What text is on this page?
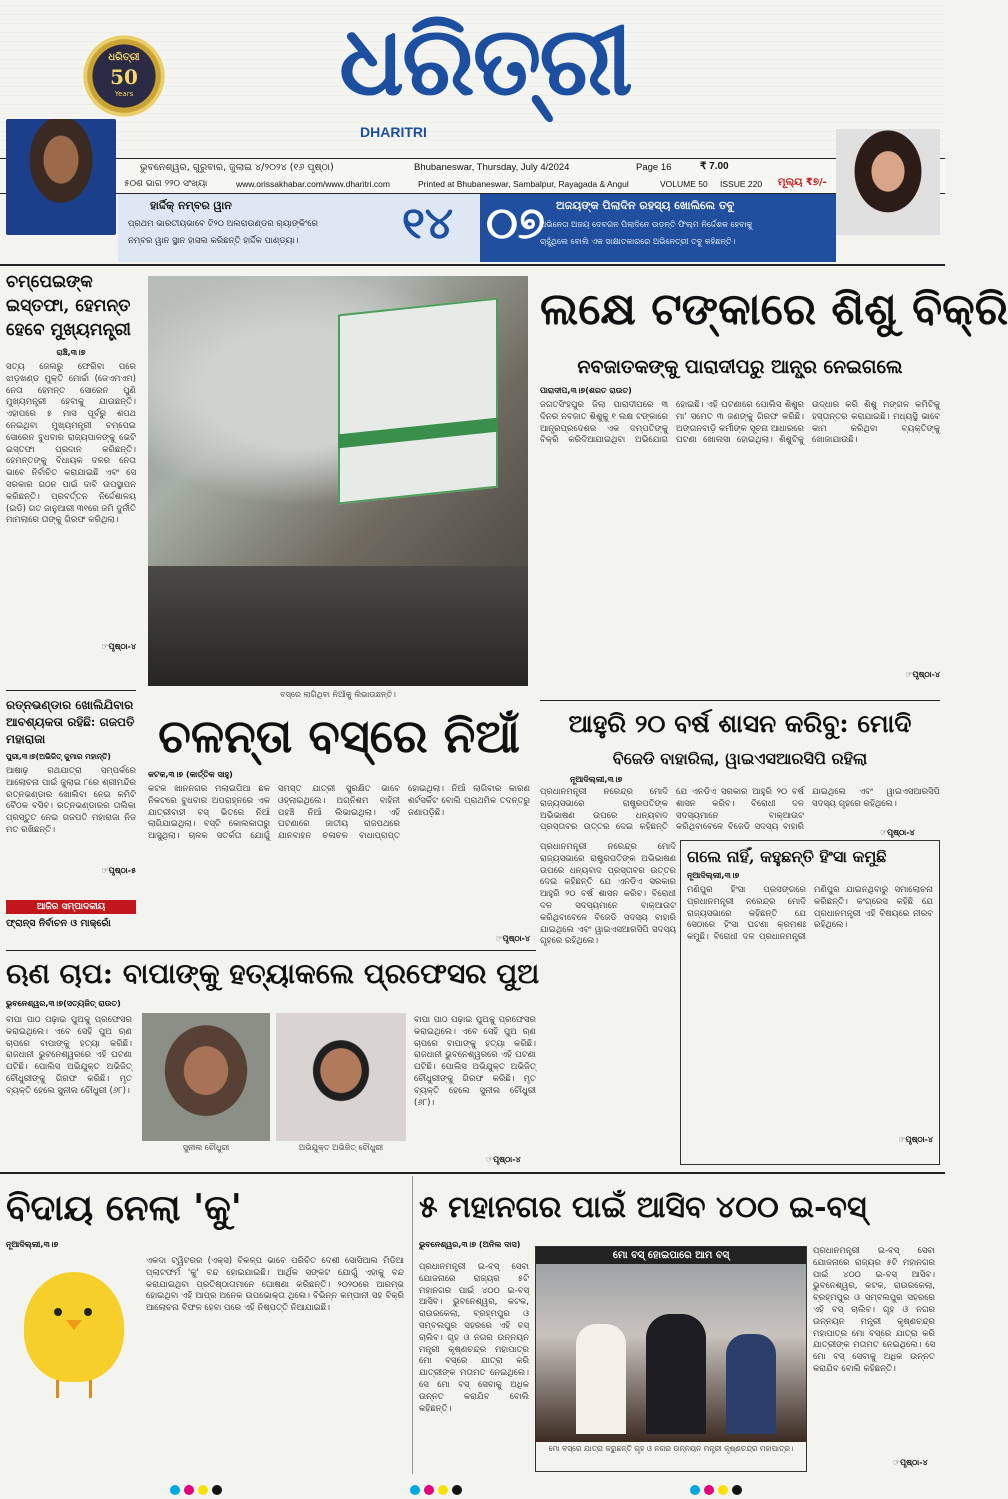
ଧରିତ୍ରୀ
50
Years	ଧରିତ୍ରୀ
DHARITRI
ଭୁବନେଶ୍ୱର, ଗୁରୁବାର, ଜୁଲାଇ ୪/୨୦୨୪ (୧୬ ପୃଷ୍ଠା)	Bhubaneswar, Thursday, July 4/2024	Page 16	₹ 7.00
୫୦ଶ ଭାଗ ୨୨୦ ସଂଖ୍ୟା	www.orissakhabar.com/www.dharitri.com	Printed at Bhubaneswar, Sambalpur, Rayagada & Angul	VOLUME 50 ISSUE 220 ମୂଲ୍ୟ ₹୭/-
ହାର୍ଦ୍ଦିକ୍ ନମ୍ବର ୱାନ
ପ୍ରଥମ ଭାରତୀୟଭାବେ ଟି୨୦ ଅଲରାଉଣ୍ଡର ର‌୍ୟାଙ୍କିଂରେ
ନମ୍ବର ୱାନ ସ୍ଥାନ ହାସଲ କରିଛନ୍ତି ହାର୍ଦ୍ଦିକ ପାଣ୍ଡ୍ୟା। ୧୪ ୦୭ ଅଜୟଙ୍କ ପିଲାଦିନ ରହସ୍ୟ ଖୋଲିଲେ ତବୁ
ଅଭିନେତା ଅଜୟ ଦେବଗନ ପିଲାଦିନେ ଉଡ଼ନ୍ତି ଫିଲ୍ମ ନିର୍ଦ୍ଦେଶକ ହେବାକୁ
ଚାହୁଁଥିଲେ ବୋଲି ଏକ ସାକ୍ଷାତକାରରେ ଅଭିନେତ୍ରୀ ତବୁ କହିଛନ୍ତି।
ଚମ୍ପେଇଙ୍କ ଇସ୍ତଫା, ହେମନ୍ତ ହେବେ ମୁଖ୍ୟମନ୍ତ୍ରୀ
ରାଞ୍ଚି,୩।୭
ସତ୍ୟ ଜେଲରୁ ଫେରିବା ପରେ ଝାଡ଼ଖଣ୍ଡ ମୁକ୍ତି ମୋର୍ଚ୍ଚା (ଜେଏମଏମ) ନେତା ହେମନ୍ତ ସୋରେନ ପୁଣି ମୁଖ୍ୟମନ୍ତ୍ରୀ ହେବାକୁ ଯାଉଛନ୍ତି। ଏହାପରେ ୫ ମାସ ପୂର୍ବରୁ ଶପଥ ନେଇଥିବା ମୁଖ୍ୟମନ୍ତ୍ରୀ ଚମ୍ପେଇ ସୋରେନ ବୁଧବାର ରାଜ୍ୟପାଳଙ୍କୁ ଭେଟି ଇସ୍ତଫା ପ୍ରଦାନ କରିଛନ୍ତି। ହେମନ୍ତଙ୍କୁ ବିଧାୟକ ଦଳର ନେତା ଭାବେ ନିର୍ବାଚିତ କରାଯାଇଛି ଏବଂ ସେ ସରକାର ଗଠନ ପାଇଁ ଦାବି ଉପସ୍ଥାପନ କରିଛନ୍ତି। ପ୍ରବର୍ତ୍ତନ ନିର୍ଦ୍ଦେଶାଳୟ (ଇଡି) ଗତ ଜାନୁଆରୀ ୩୧ରେ ଜମି ଦୁର୍ନୀତି ମାମଲାରେ ତାଙ୍କୁ ଗିରଫ କରିଥିଲା।
☞ପୃଷ୍ଠା-୪
ରତ୍ନଭଣ୍ଡାର ଖୋଲିଯିବାର ଆବଶ୍ୟକତା ରହିଛି: ଗଜପତି ମହାରାଜା
ପୁରୀ,୩।୭(ଅଭିଜିତ୍ କୁମାର ମହାନ୍ତି)
ଆଷାଢ଼ ରଥଯାତ୍ରା ସମ୍ପର୍କରେ ଆଲୋଚନା ପାଇଁ ଜୁଲାଇ ୮ରେ ଶ୍ରୀମନ୍ଦିର ରତ୍ନଭଣ୍ଡାର ଖୋଲିବା ନେଇ କମିଟି ବୈଠକ ବସିବ। ରତ୍ନଭଣ୍ଡାରର ତାଲିକା ପ୍ରସ୍ତୁତ ନେଇ ଗଜପତି ମହାରାଜା ନିଜ ମତ ରଖିଛନ୍ତି।
☞ପୃଷ୍ଠା-୫
ଆଜିର ସମ୍ପାଦକୀୟ
ଫ୍ରାନ୍ସ ନିର୍ବାଚନ ଓ ମାକ୍ରୋଁ
ବସ୍‌ରେ ଲାଗିଥିବା ନିଆଁକୁ ଲିଭାଉଛନ୍ତି।
ଚଳନ୍ତା ବସ୍‌ରେ ନିଆଁ
କଟକ,୩।୭ (କାର୍ତ୍ତିକ ସାହୁ)
କଟକ ଖାନନଗର ମଲାଇପିଆ ଛକ ନିକଟରେ ବୁଧବାର ଅପରାହ୍ନରେ ଏକ ଯାତ୍ରୀବାହୀ ବସ୍ ଭିତରେ ନିଆଁ ଲାଗିଯାଇଥିଲା। ବସ୍‌ଟି କୋଲକାତାରୁ ଆସୁଥିଲା। ଚାଳକ ସତର୍କତା ଯୋଗୁଁ ସମସ୍ତ ଯାତ୍ରୀ ସୁରକ୍ଷିତ ଭାବେ ଓହ୍ଲାଇଥିଲେ। ଅଗ୍ନିଶମ ବାହିନୀ ପହଞ୍ଚି ନିଆଁ ଲିଭାଇଥିଲା। ଏହି ଘଟଣାରେ ଜାତୀୟ ରାଜପଥରେ ଯାନବାହନ ଚଳାଚଳ ବାଧାପ୍ରାପ୍ତ ହୋଇଥିଲା। ନିଆଁ ଲାଗିବାର କାରଣ ଶର୍ଟସର୍କିଟ ବୋଲି ପ୍ରାଥମିକ ତଦନ୍ତରୁ ଜଣାପଡ଼ିଛି।
☞ପୃଷ୍ଠା-୪
ଲକ୍ଷେ ଟଙ୍କାରେ ଶିଶୁ ବିକ୍ରି
ନବଜାତକଙ୍କୁ ପାରାଦୀପରୁ ଆନ୍ଧ୍ର ନେଇଗଲେ
ପାରାଦୀପ,୩।୭(ଶରତ ରାଉତ)
ଜଗତସିଂହପୁର ଜିଲା ପାରାଦୀପରେ ୩ ଦିନର ନବଜାତ ଶିଶୁକୁ ୧ ଲକ୍ଷ ଟଙ୍କାରେ ଆନ୍ଧ୍ରପ୍ରଦେଶର ଏକ ଦମ୍ପତିଙ୍କୁ ବିକ୍ରି କରିଦିଆଯାଇଥିବା ଅଭିଯୋଗ ହୋଇଛି। ଏହି ଘଟଣାରେ ପୋଲିସ ଶିଶୁର ମା' ସମେତ ୩ ଜଣଙ୍କୁ ଗିରଫ କରିଛି। ଅଙ୍ଗନବାଡ଼ି କର୍ମୀଙ୍କ ସୂଚନା ଆଧାରରେ ଘଟଣା ଖୋଲସା ହୋଇଥିଲା। ଶିଶୁଟିକୁ ଉଦ୍ଧାର କରି ଶିଶୁ ମଙ୍ଗଳ କମିଟିକୁ ହସ୍ତାନ୍ତର କରାଯାଇଛି। ମଧ୍ୟସ୍ଥି ଭାବେ କାମ କରିଥିବା ବ୍ୟକ୍ତିଙ୍କୁ ଖୋଜାଯାଉଛି।
☞ପୃଷ୍ଠା-୪
ଆହୁରି ୨୦ ବର୍ଷ ଶାସନ କରିବୁ: ମୋଦି
ବିଜେଡି ବାହାରିଲା, ୱାଇଏସଆରସିପି ରହିଲା
ନୂଆଦିଲ୍ଲୀ,୩।୭
ପ୍ରଧାନମନ୍ତ୍ରୀ ନରେନ୍ଦ୍ର ମୋଦି ରାଜ୍ୟସଭାରେ ରାଷ୍ଟ୍ରପତିଙ୍କ ଅଭିଭାଷଣ ଉପରେ ଧନ୍ୟବାଦ ପ୍ରସ୍ତାବର ଉତ୍ତର ଦେଇ କହିଛନ୍ତି ଯେ ଏନଡିଏ ସରକାର ଆହୁରି ୨୦ ବର୍ଷ ଶାସନ କରିବ। ବିରୋଧୀ ଦଳ ସଦସ୍ୟମାନେ ବାକ୍‌ଆଉଟ କରିଥିବାବେଳେ ବିଜେଡି ସଦସ୍ୟ ବାହାରି ଯାଇଥିଲେ ଏବଂ ୱାଇଏସଆରସିପି ସଦସ୍ୟ ଗୃହରେ ରହିଥିଲେ।
ପ୍ରଧାନମନ୍ତ୍ରୀ ନରେନ୍ଦ୍ର ମୋଦି ରାଜ୍ୟସଭାରେ ରାଷ୍ଟ୍ରପତିଙ୍କ ଅଭିଭାଷଣ ଉପରେ ଧନ୍ୟବାଦ ପ୍ରସ୍ତାବର ଉତ୍ତର ଦେଇ କହିଛନ୍ତି ଯେ ଏନଡିଏ ସରକାର ଆହୁରି ୨୦ ବର୍ଷ ଶାସନ କରିବ। ବିରୋଧୀ ଦଳ ସଦସ୍ୟମାନେ ବାକ୍‌ଆଉଟ କରିଥିବାବେଳେ ବିଜେଡି ସଦସ୍ୟ ବାହାରି ଯାଇଥିଲେ ଏବଂ ୱାଇଏସଆରସିପି ସଦସ୍ୟ ଗୃହରେ ରହିଥିଲେ।
☞ପୃଷ୍ଠା-୪
ଗଲେ ନାହିଁ, କହୁଛନ୍ତି ହିଂସା କମୁଛି
ନୂଆଦିଲ୍ଲୀ,୩।୭
ମଣିପୁର ହିଂସା ପ୍ରସଙ୍ଗରେ ପ୍ରଧାନମନ୍ତ୍ରୀ ନରେନ୍ଦ୍ର ମୋଦି ରାଜ୍ୟସଭାରେ କହିଛନ୍ତି ଯେ ସେଠାରେ ହିଂସା ଘଟଣା କ୍ରମଶଃ କମୁଛି। ବିରୋଧୀ ଦଳ ପ୍ରଧାନମନ୍ତ୍ରୀ ମଣିପୁର ଯାଇନଥିବାରୁ ସମାଲୋଚନା କରିଛନ୍ତି। କଂଗ୍ରେସ କହିଛି ଯେ ପ୍ରଧାନମନ୍ତ୍ରୀ ଏହି ବିଷୟରେ ନୀରବ ରହିଥିଲେ।
☞ପୃଷ୍ଠା-୪
ଋଣ ଚାପ: ବାପାଙ୍କୁ ହତ୍ୟାକଲେ ପ୍ରଫେସର ପୁଅ
ଭୁବନେଶ୍ୱର,୩।୭(ସତ୍ୟଜିତ୍ ରାଉତ)
ବାପା ପାଠ ପଢ଼ାଇ ପୁଅକୁ ପ୍ରଫେସର କରାଇଥିଲେ। ଏବେ ସେହି ପୁଅ ଋଣ ଚାପରେ ବାପାଙ୍କୁ ହତ୍ୟା କରିଛି। ରାଜଧାନୀ ଭୁବନେଶ୍ୱରରେ ଏହି ଘଟଣା ଘଟିଛି। ପୋଲିସ ଅଭିଯୁକ୍ତ ଅଭିଜିତ୍ ଚୌଧୁରୀଙ୍କୁ ଗିରଫ କରିଛି। ମୃତ ବ୍ୟକ୍ତି ହେଲେ ସୁନୀଲ ଚୌଧୁରୀ (୬୮)।
ସୁନୀଲ ଚୌଧୁରୀ	ଅଭିଯୁକ୍ତ ଅଭିଜିତ୍ ଚୌଧୁରୀ
ବାପା ପାଠ ପଢ଼ାଇ ପୁଅକୁ ପ୍ରଫେସର କରାଇଥିଲେ। ଏବେ ସେହି ପୁଅ ଋଣ ଚାପରେ ବାପାଙ୍କୁ ହତ୍ୟା କରିଛି। ରାଜଧାନୀ ଭୁବନେଶ୍ୱରରେ ଏହି ଘଟଣା ଘଟିଛି। ପୋଲିସ ଅଭିଯୁକ୍ତ ଅଭିଜିତ୍ ଚୌଧୁରୀଙ୍କୁ ଗିରଫ କରିଛି। ମୃତ ବ୍ୟକ୍ତି ହେଲେ ସୁନୀଲ ଚୌଧୁରୀ (୬୮)।
☞ପୃଷ୍ଠା-୪
ବିଦାୟ ନେଲା 'କୁ'
ନୂଆଦିଲ୍ଲୀ,୩।୭
ଏକଦା ଟ୍ୱିଟରର (ଏକ୍ସ) ବିକଳ୍ପ ଭାବେ ପରିଚିତ ଦେଶୀ ସୋସିଆଲ ମିଡିଆ ପ୍ଲାଟଫର୍ମ 'କୁ' ବନ୍ଦ ହୋଇଯାଇଛି। ଆର୍ଥିକ ସଙ୍କଟ ଯୋଗୁଁ ଏହାକୁ ବନ୍ଦ କରାଯାଇଥିବା ପ୍ରତିଷ୍ଠାତାମାନେ ଘୋଷଣା କରିଛନ୍ତି। ୨୦୨୦ରେ ଆରମ୍ଭ ହୋଇଥିବା ଏହି ଆପ୍‌ର ଅନେକ ଉପଭୋକ୍ତା ଥିଲେ। ବିଭିନ୍ନ କମ୍ପାନୀ ସହ ବିକ୍ରି ଆଲୋଚନା ବିଫଳ ହେବା ପରେ ଏହି ନିଷ୍ପତ୍ତି ନିଆଯାଇଛି।
୫ ମହାନଗର ପାଇଁ ଆସିବ ୪୦୦ ଇ-ବସ୍
ଭୁବନେଶ୍ୱର,୩।୭ (ଅନିଲ ଦାସ)
ପ୍ରଧାନମନ୍ତ୍ରୀ ଇ-ବସ୍ ସେବା ଯୋଜନାରେ ରାଜ୍ୟର ୫ଟି ମହାନଗର ପାଇଁ ୪୦୦ ଇ-ବସ୍ ଆସିବ। ଭୁବନେଶ୍ୱର, କଟକ, ରାଉରକେଲା, ବ୍ରହ୍ମପୁର ଓ ସମ୍ବଲପୁର ସହରରେ ଏହି ବସ୍ ଚାଲିବ। ଗୃହ ଓ ନଗର ଉନ୍ନୟନ ମନ୍ତ୍ରୀ କୃଷ୍ଣଚନ୍ଦ୍ର ମହାପାତ୍ର ମୋ ବସ୍‌ରେ ଯାତ୍ରା କରି ଯାତ୍ରୀଙ୍କ ମତାମତ ନେଇଥିଲେ। ସେ ମୋ ବସ୍ ସେବାକୁ ଅଧିକ ଉନ୍ନତ କରାଯିବ ବୋଲି କହିଛନ୍ତି।
ମୋ ବସ୍ ହୋଇପାରେ ଆମ ବସ୍
ମୋ ବସ୍‌ରେ ଯାତ୍ରା କରୁଛନ୍ତି ଗୃହ ଓ ନଗର ଉନ୍ନୟନ ମନ୍ତ୍ରୀ କୃଷ୍ଣଚନ୍ଦ୍ର ମହାପାତ୍ର।
ପ୍ରଧାନମନ୍ତ୍ରୀ ଇ-ବସ୍ ସେବା ଯୋଜନାରେ ରାଜ୍ୟର ୫ଟି ମହାନଗର ପାଇଁ ୪୦୦ ଇ-ବସ୍ ଆସିବ। ଭୁବନେଶ୍ୱର, କଟକ, ରାଉରକେଲା, ବ୍ରହ୍ମପୁର ଓ ସମ୍ବଲପୁର ସହରରେ ଏହି ବସ୍ ଚାଲିବ। ଗୃହ ଓ ନଗର ଉନ୍ନୟନ ମନ୍ତ୍ରୀ କୃଷ୍ଣଚନ୍ଦ୍ର ମହାପାତ୍ର ମୋ ବସ୍‌ରେ ଯାତ୍ରା କରି ଯାତ୍ରୀଙ୍କ ମତାମତ ନେଇଥିଲେ। ସେ ମୋ ବସ୍ ସେବାକୁ ଅଧିକ ଉନ୍ନତ କରାଯିବ ବୋଲି କହିଛନ୍ତି।
☞ପୃଷ୍ଠା-୪
